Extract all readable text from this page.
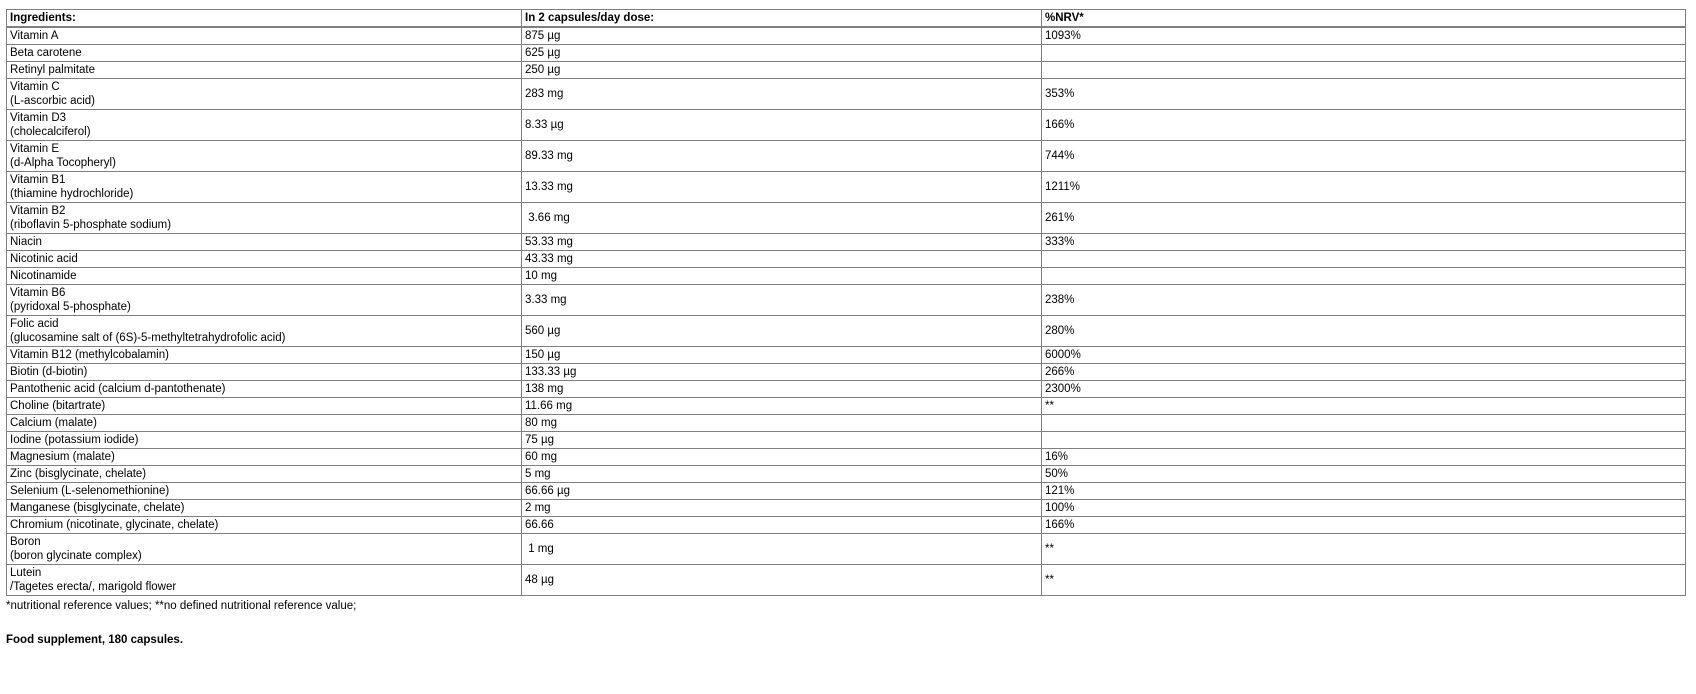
Ingredients:	In 2 capsules/day dose:	%NRV*

Vitamin A	875 µg	1093%

Beta carotene	625 µg	

Retinyl palmitate	250 µg	

Vitamin C
(L-ascorbic acid)	283 mg	353%

Vitamin D3
(cholecalciferol)	8.33 µg	166%

Vitamin E
(d-Alpha Tocopheryl)	89.33 mg	744%

Vitamin B1
(thiamine hydrochloride)	13.33 mg	1211%

Vitamin B2
(riboflavin 5-phosphate sodium)	3.66 mg	261%

Niacin	53.33 mg	333%

Nicotinic acid	43.33 mg	

Nicotinamide	10 mg	

Vitamin B6
(pyridoxal 5-phosphate)	3.33 mg	238%

Folic acid
(glucosamine salt of (6S)-5-methyltetrahydrofolic acid)	560 µg	280%

Vitamin B12 (methylcobalamin)	150 µg	6000%

Biotin (d-biotin)	133.33 µg	266%

Pantothenic acid (calcium d-pantothenate)	138 mg	2300%

Choline (bitartrate)	11.66 mg	**

Calcium (malate)	80 mg	

Iodine (potassium iodide)	75 µg	

Magnesium (malate)	60 mg	16%

Zinc (bisglycinate, chelate)	5 mg	50%

Selenium (L-selenomethionine)	66.66 µg	121%

Manganese (bisglycinate, chelate)	2 mg	100%

Chromium (nicotinate, glycinate, chelate)	66.66	166%

Boron
(boron glycinate complex)	1 mg	**

Lutein
/Tagetes erecta/, marigold flower	48 µg	**
*nutritional reference values; **no defined nutritional reference value;
Food supplement, 180 capsules.
